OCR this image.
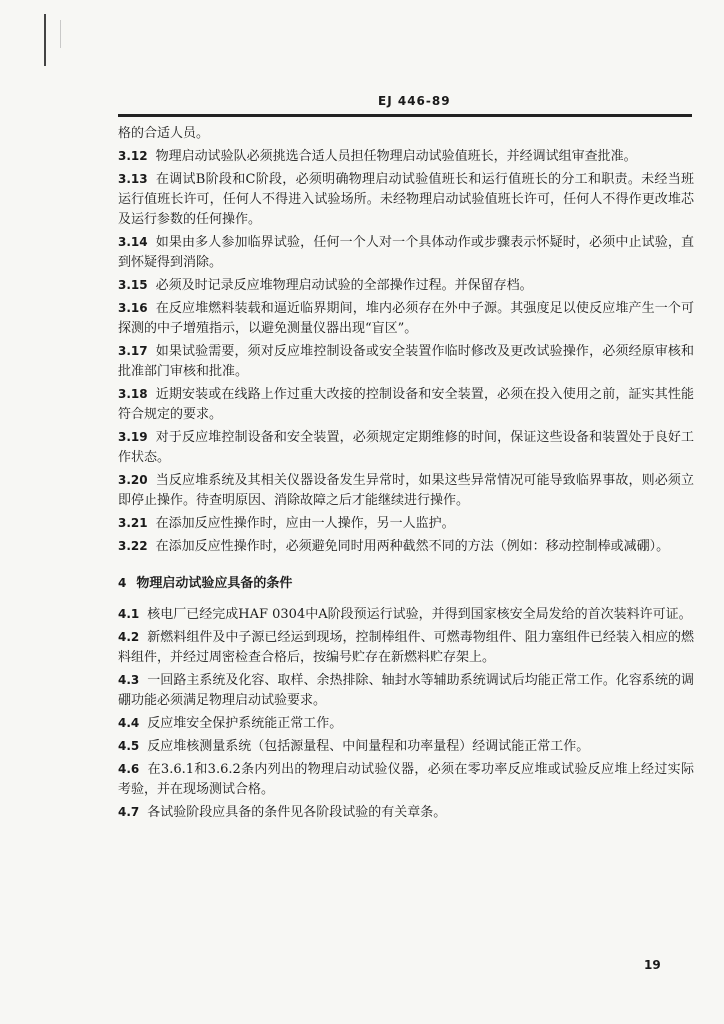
EJ 446-89

格的合适人员。

3.12 物理启动试验队必须挑选合适人员担任物理启动试验值班长，并经调试组审查批准。

3.13 在调试B阶段和C阶段，必须明确物理启动试验值班长和运行值班长的分工和职责。未经当班运行值班长许可，任何人不得进入试验场所。未经物理启动试验值班长许可，任何人不得作更改堆芯及运行参数的任何操作。

3.14 如果由多人参加临界试验，任何一个人对一个具体动作或步骤表示怀疑时，必须中止试验，直到怀疑得到消除。

3.15 必须及时记录反应堆物理启动试验的全部操作过程。并保留存档。

3.16 在反应堆燃料装载和逼近临界期间，堆内必须存在外中子源。其强度足以使反应堆产生一个可探测的中子增殖指示，以避免测量仪器出现“盲区”。

3.17 如果试验需要，须对反应堆控制设备或安全装置作临时修改及更改试验操作，必须经原审核和批准部门审核和批准。

3.18 近期安装或在线路上作过重大改接的控制设备和安全装置，必须在投入使用之前，証实其性能符合规定的要求。

3.19 对于反应堆控制设备和安全装置，必须规定定期维修的时间，保证这些设备和装置处于良好工作状态。

3.20 当反应堆系统及其相关仪器设备发生异常时，如果这些异常情况可能导致临界事故，则必须立即停止操作。待查明原因、消除故障之后才能继续进行操作。

3.21 在添加反应性操作时，应由一人操作，另一人监护。

3.22 在添加反应性操作时，必须避免同时用两种截然不同的方法（例如：移动控制棒或减硼）。

4 物理启动试验应具备的条件

4.1 核电厂已经完成HAF 0304中A阶段预运行试验，并得到国家核安全局发给的首次装料许可证。

4.2 新燃料组件及中子源已经运到现场，控制棒组件、可燃毒物组件、阻力塞组件已经装入相应的燃料组件，并经过周密检查合格后，按编号贮存在新燃料贮存架上。

4.3 一回路主系统及化容、取样、余热排除、轴封水等辅助系统调试后均能正常工作。化容系统的调硼功能必须满足物理启动试验要求。

4.4 反应堆安全保护系统能正常工作。

4.5 反应堆核测量系统（包括源量程、中间量程和功率量程）经调试能正常工作。

4.6 在3.6.1和3.6.2条内列出的物理启动试验仪器，必须在零功率反应堆或试验反应堆上经过实际考验，并在现场测试合格。

4.7 各试验阶段应具备的条件见各阶段试验的有关章条。

19
